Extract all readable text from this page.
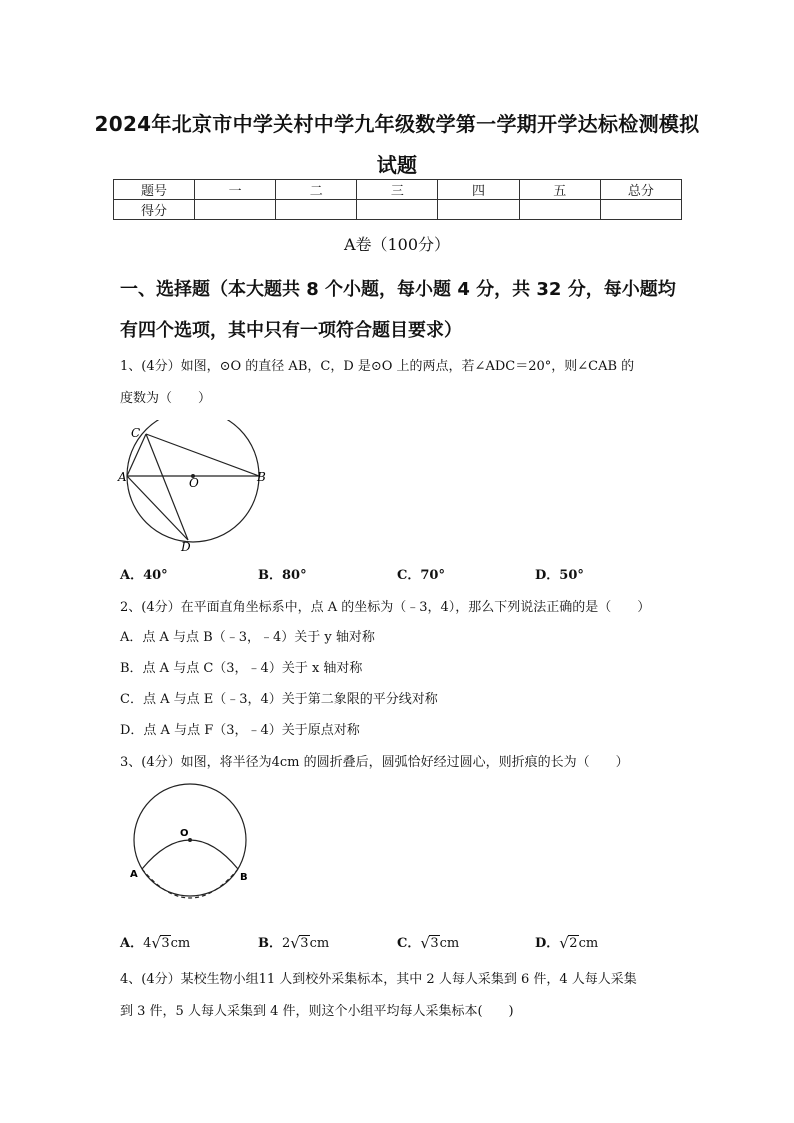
2024年北京市中学关村中学九年级数学第一学期开学达标检测模拟
试题
题号	一	二	三	四	五	总分
得分						
A卷（100分）
一、选择题（本大题共 8 个小题，每小题 4 分，共 32 分，每小题均
有四个选项，其中只有一项符合题目要求）
1、(4分）如图，⊙O 的直径 AB，C，D 是⊙O 上的两点，若∠ADC＝20°，则∠CAB 的
度数为（　　）
C
A	O	B
D
A．40°	B．80°	C．70°	D．50°
2、(4分）在平面直角坐标系中，点 A 的坐标为（﹣3，4），那么下列说法正确的是（　　）
A．点 A 与点 B（﹣3，﹣4）关于 y 轴对称
B．点 A 与点 C（3，﹣4）关于 x 轴对称
C．点 A 与点 E（﹣3，4）关于第二象限的平分线对称
D．点 A 与点 F（3，﹣4）关于原点对称
3、(4分）如图，将半径为4cm 的圆折叠后，圆弧恰好经过圆心，则折痕的长为（　　）
O
A	B
A．4 √ 3cm	B．2 √ 3cm	C． √ 3cm	D． √ 2cm
4、(4分）某校生物小组11 人到校外采集标本，其中 2 人每人采集到 6 件，4 人每人采集
到 3 件，5 人每人采集到 4 件，则这个小组平均每人采集标本(　　)
